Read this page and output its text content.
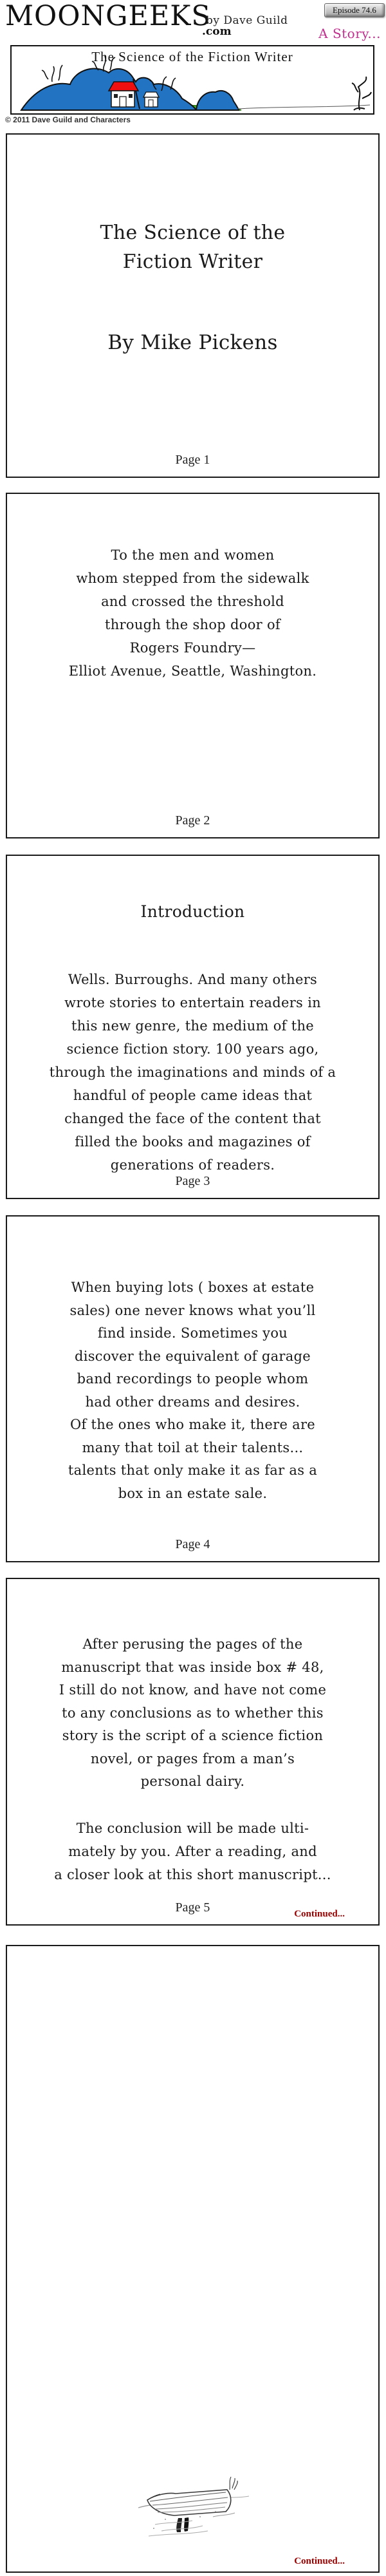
MOONGEEKS
by Dave Guild
.com
Episode 74.6
A Story...
The Science of the Fiction Writer
© 2011 Dave Guild and Characters
The Science of the
Fiction Writer
By Mike Pickens
Page 1
To the men and women
whom stepped from the sidewalk
and crossed the threshold
through the shop door of
Rogers Foundry—
Elliot Avenue, Seattle, Washington.
Page 2
Introduction
Wells. Burroughs. And many others
wrote stories to entertain readers in
this new genre, the medium of the
science fiction story. 100 years ago,
through the imaginations and minds of a
handful of people came ideas that
changed the face of the content that
filled the books and magazines of
generations of readers.
Page 3
When buying lots ( boxes at estate
sales) one never knows what you’ll
find inside. Sometimes you
discover the equivalent of garage
band recordings to people whom
had other dreams and desires.
Of the ones who make it, there are
many that toil at their talents...
talents that only make it as far as a
box in an estate sale.
Page 4
After perusing the pages of the
manuscript that was inside box # 48,
I still do not know, and have not come
to any conclusions as to whether this
story is the script of a science fiction
novel, or pages from a man’s
personal dairy.
The conclusion will be made ulti-
mately by you. After a reading, and
a closer look at this short manuscript...
Page 5	Continued...
Continued...
